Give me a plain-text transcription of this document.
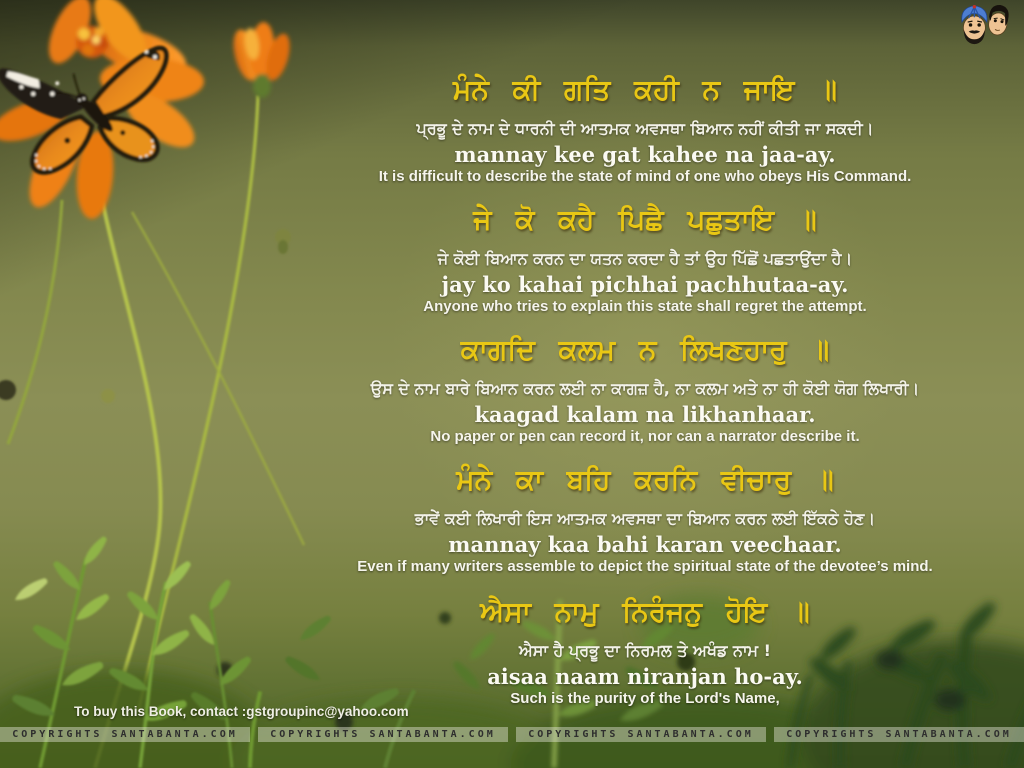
ਮੰਨੇ ਕੀ ਗਤਿ ਕਹੀ ਨ ਜਾਇ ॥

ਪ੍ਰਭੂ ਦੇ ਨਾਮ ਦੇ ਧਾਰਨੀ ਦੀ ਆਤਮਕ ਅਵਸਥਾ ਬਿਆਨ ਨਹੀਂ ਕੀਤੀ ਜਾ ਸਕਦੀ।

mannay kee gat kahee na jaa-ay.

It is difficult to describe the state of mind of one who obeys His Command.

ਜੇ ਕੋ ਕਹੈ ਪਿਛੈ ਪਛੁਤਾਇ ॥

ਜੇ ਕੋਈ ਬਿਆਨ ਕਰਨ ਦਾ ਯਤਨ ਕਰਦਾ ਹੈ ਤਾਂ ਉਹ ਪਿੱਛੋਂ ਪਛਤਾਉਂਦਾ ਹੈ।

jay ko kahai pichhai pachhutaa-ay.

Anyone who tries to explain this state shall regret the attempt.

ਕਾਗਦਿ ਕਲਮ ਨ ਲਿਖਣਹਾਰੁ ॥

ਉਸ ਦੇ ਨਾਮ ਬਾਰੇ ਬਿਆਨ ਕਰਨ ਲਈ ਨਾ ਕਾਗਜ਼ ਹੈ, ਨਾ ਕਲਮ ਅਤੇ ਨਾ ਹੀ ਕੋਈ ਯੋਗ ਲਿਖਾਰੀ।

kaagad kalam na likhanhaar.

No paper or pen can record it, nor can a narrator describe it.

ਮੰਨੇ ਕਾ ਬਹਿ ਕਰਨਿ ਵੀਚਾਰੁ ॥

ਭਾਵੇਂ ਕਈ ਲਿਖਾਰੀ ਇਸ ਆਤਮਕ ਅਵਸਥਾ ਦਾ ਬਿਆਨ ਕਰਨ ਲਈ ਇੱਕਠੇ ਹੋਣ।

mannay kaa bahi karan veechaar.

Even if many writers assemble to depict the spiritual state of the devotee’s mind.

ਐਸਾ ਨਾਮੁ ਨਿਰੰਜਨੁ ਹੋਇ ॥

ਐਸਾ ਹੈ ਪ੍ਰਭੂ ਦਾ ਨਿਰਮਲ ਤੇ ਅਖੰਡ ਨਾਮ !

aisaa naam niranjan ho-ay.

Such is the purity of the Lord's Name,

To buy this Book, contact :gstgroupinc@yahoo.com
COPYRIGHTS SANTABANTA.COM	COPYRIGHTS SANTABANTA.COM	COPYRIGHTS SANTABANTA.COM	COPYRIGHTS SANTABANTA.COM
